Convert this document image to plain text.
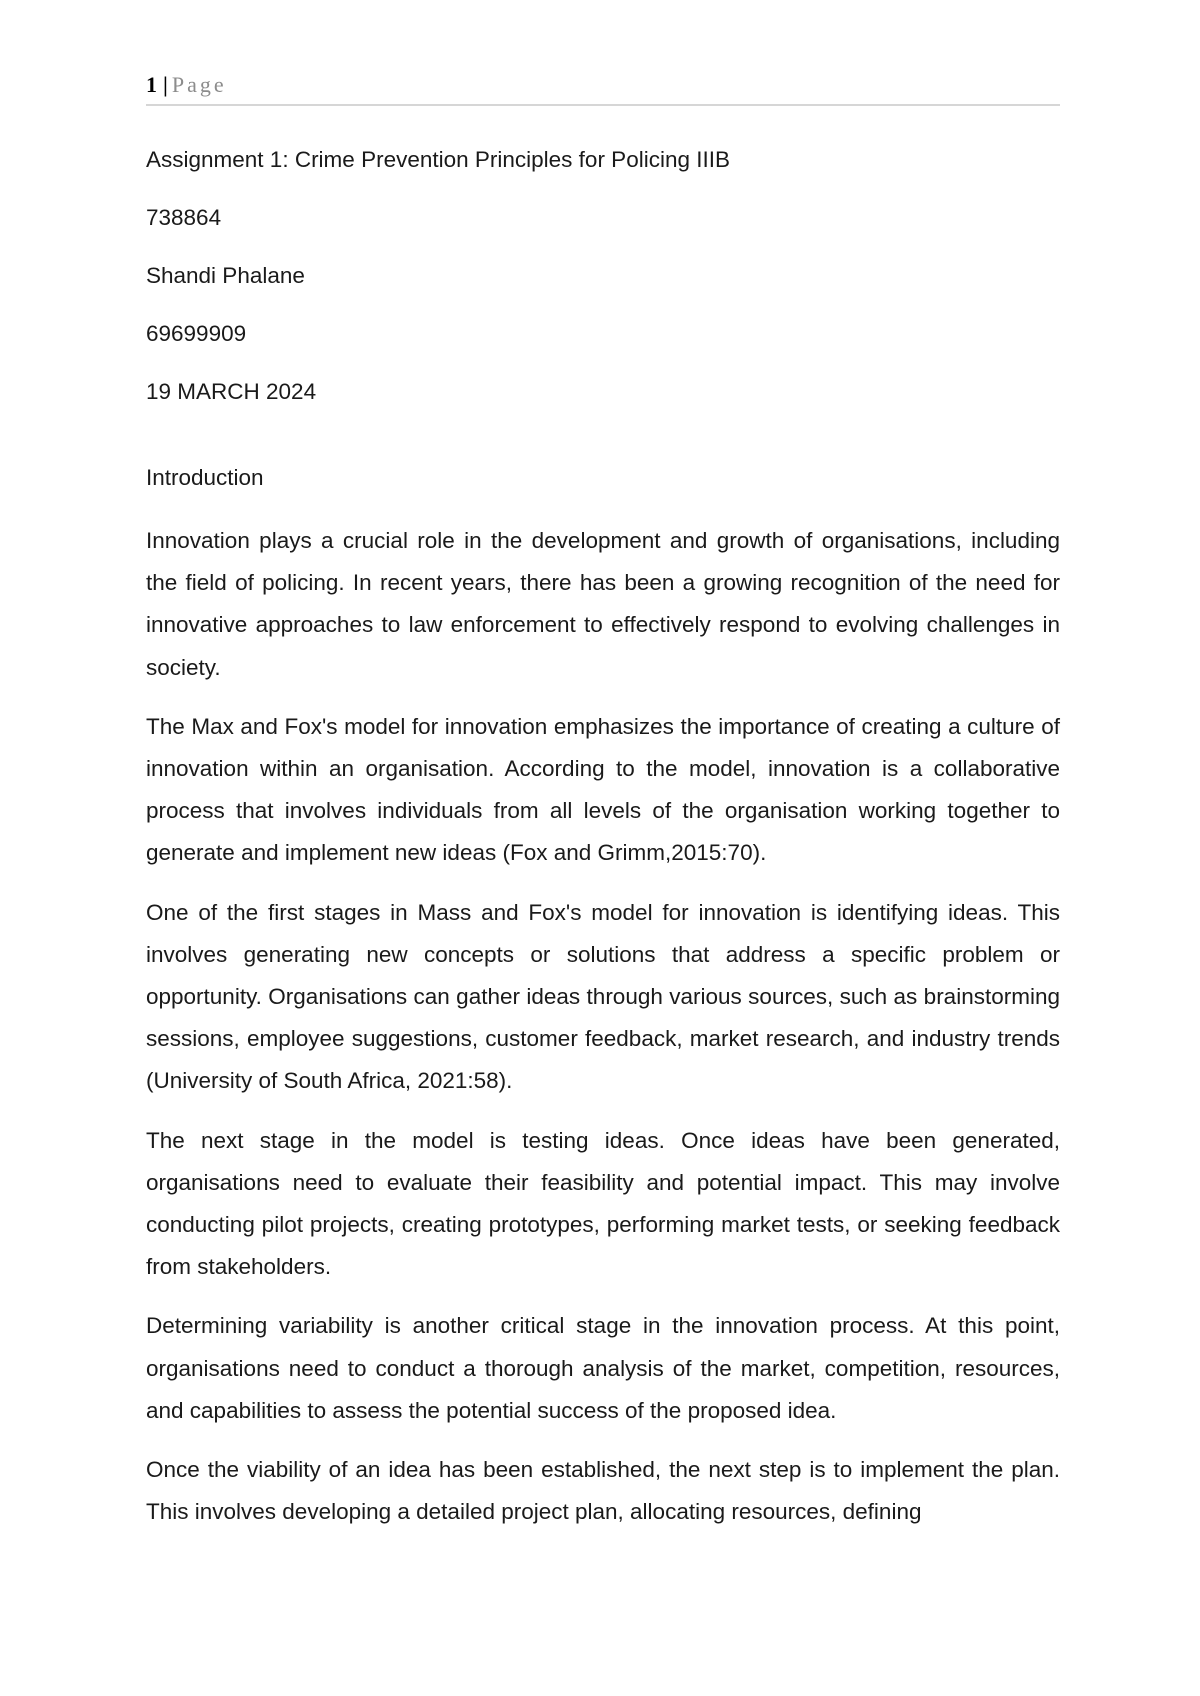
1 | Page

Assignment 1: Crime Prevention Principles for Policing IIIB

738864

Shandi Phalane

69699909

19 MARCH 2024

Introduction

Innovation plays a crucial role in the development and growth of organisations, including the field of policing. In recent years, there has been a growing recognition of the need for innovative approaches to law enforcement to effectively respond to evolving challenges in society.

The Max and Fox's model for innovation emphasizes the importance of creating a culture of innovation within an organisation. According to the model, innovation is a collaborative process that involves individuals from all levels of the organisation working together to generate and implement new ideas (Fox and Grimm,2015:70).

One of the first stages in Mass and Fox's model for innovation is identifying ideas. This involves generating new concepts or solutions that address a specific problem or opportunity. Organisations can gather ideas through various sources, such as brainstorming sessions, employee suggestions, customer feedback, market research, and industry trends (University of South Africa, 2021:58).

The next stage in the model is testing ideas. Once ideas have been generated, organisations need to evaluate their feasibility and potential impact. This may involve conducting pilot projects, creating prototypes, performing market tests, or seeking feedback from stakeholders.

Determining variability is another critical stage in the innovation process. At this point, organisations need to conduct a thorough analysis of the market, competition, resources, and capabilities to assess the potential success of the proposed idea.

Once the viability of an idea has been established, the next step is to implement the plan. This involves developing a detailed project plan, allocating resources, defining
